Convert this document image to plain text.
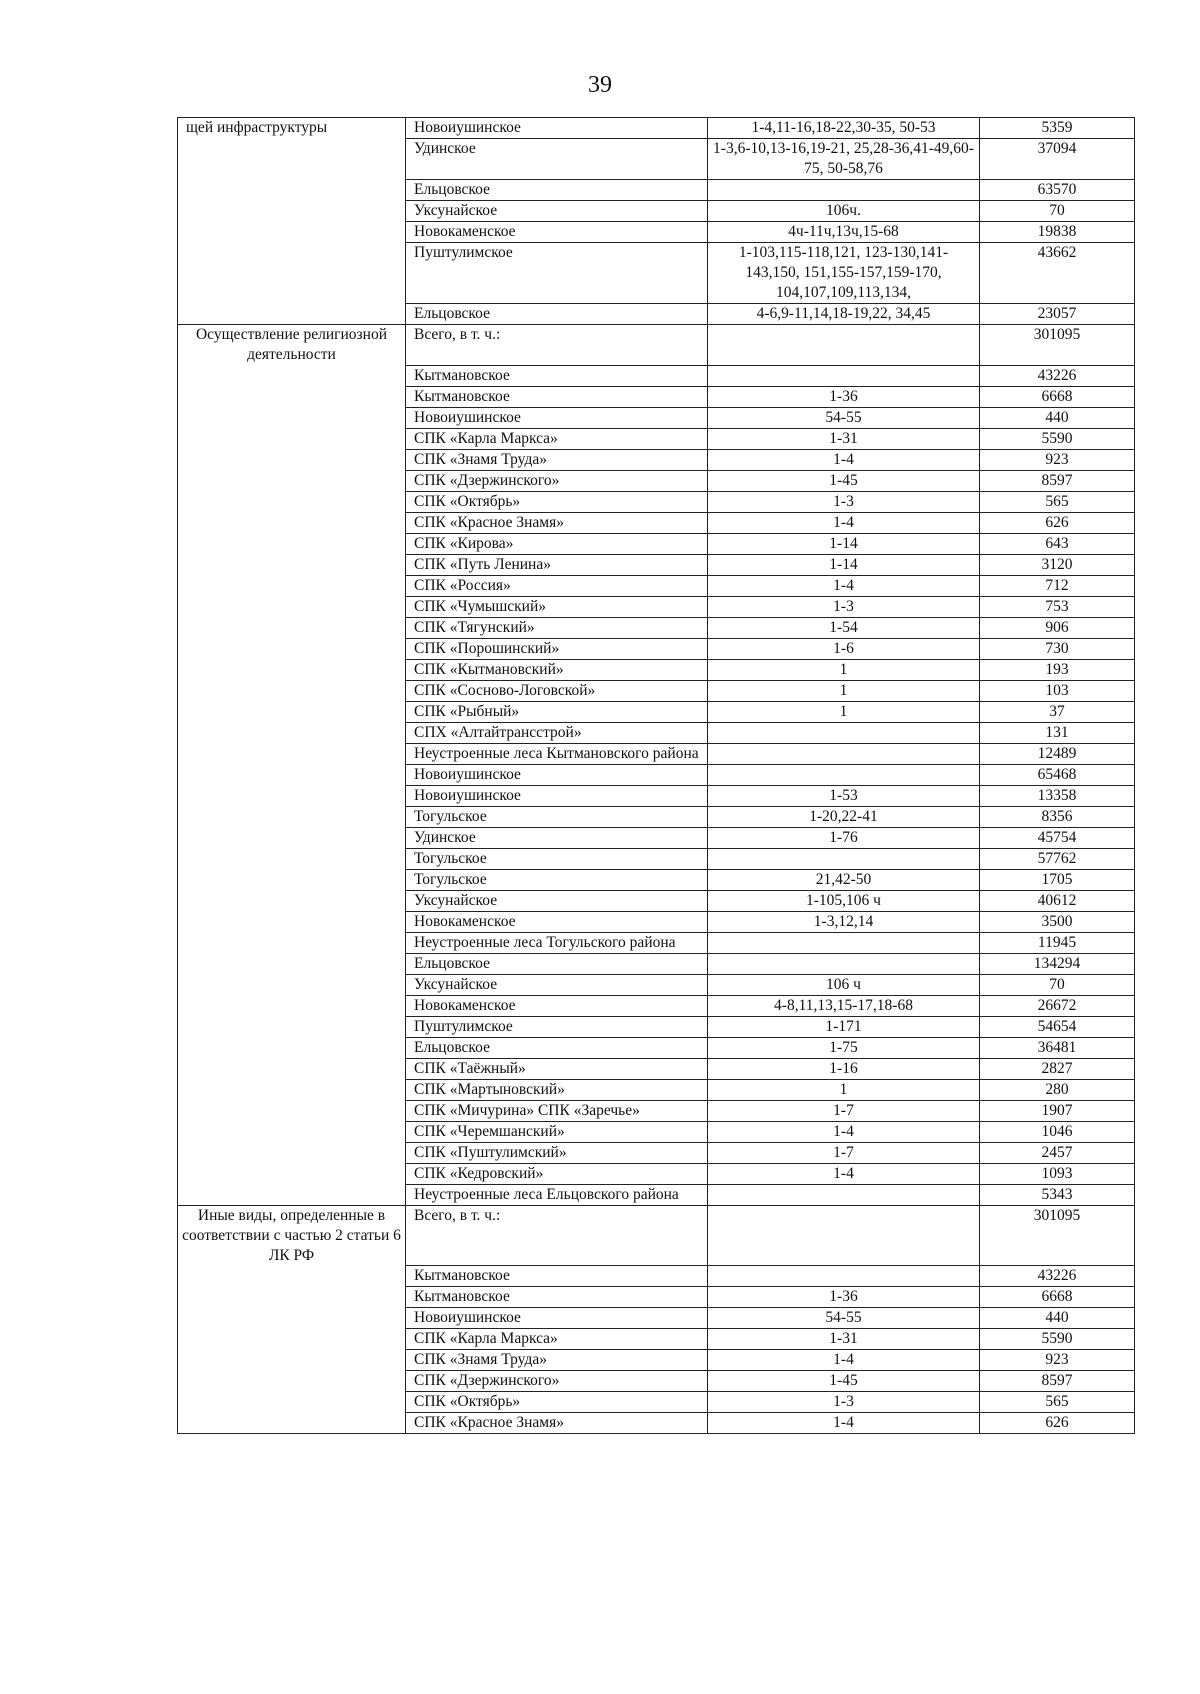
39
щей инфраструктуры	Новоиушинское	1-4,11-16,18-22,30-35, 50-53	5359
	Удинское	1-3,6-10,13-16,19-21, 25,28-36,41-49,60-75, 50-58,76	37094
	Ельцовское		63570
	Уксунайское	106ч.	70
	Новокаменское	4ч-11ч,13ч,15-68	19838
	Пуштулимское	1-103,115-118,121, 123-130,141-143,150, 151,155-157,159-170, 104,107,109,113,134,	43662
	Ельцовское	4-6,9-11,14,18-19,22, 34,45	23057
Осуществление религиозной деятельности	Всего, в т. ч.:		301095
	Кытмановское		43226
	Кытмановское	1-36	6668
	Новоиушинское	54-55	440
	СПК «Карла Маркса»	1-31	5590
	СПК «Знамя Труда»	1-4	923
	СПК «Дзержинского»	1-45	8597
	СПК «Октябрь»	1-3	565
	СПК «Красное Знамя»	1-4	626
	СПК «Кирова»	1-14	643
	СПК «Путь Ленина»	1-14	3120
	СПК «Россия»	1-4	712
	СПК «Чумышский»	1-3	753
	СПК «Тягунский»	1-54	906
	СПК «Порошинский»	1-6	730
	СПК «Кытмановский»	1	193
	СПК «Сосново-Логовской»	1	103
	СПК «Рыбный»	1	37
	СПХ «Алтайтрансстрой»		131
	Неустроенные леса Кытмановского района		12489
	Новоиушинское		65468
	Новоиушинское	1-53	13358
	Тогульское	1-20,22-41	8356
	Удинское	1-76	45754
	Тогульское		57762
	Тогульское	21,42-50	1705
	Уксунайское	1-105,106 ч	40612
	Новокаменское	1-3,12,14	3500
	Неустроенные леса Тогульского района		11945
	Ельцовское		134294
	Уксунайское	106 ч	70
	Новокаменское	4-8,11,13,15-17,18-68	26672
	Пуштулимское	1-171	54654
	Ельцовское	1-75	36481
	СПК «Таёжный»	1-16	2827
	СПК «Мартыновский»	1	280
	СПК «Мичурина» СПК «Заречье»	1-7	1907
	СПК «Черемшанский»	1-4	1046
	СПК «Пуштулимский»	1-7	2457
	СПК «Кедровский»	1-4	1093
	Неустроенные леса Ельцовского района		5343
Иные виды, определенные в соответствии с частью 2 статьи 6 ЛК РФ	Всего, в т. ч.:		301095
	Кытмановское		43226
	Кытмановское	1-36	6668
	Новоиушинское	54-55	440
	СПК «Карла Маркса»	1-31	5590
	СПК «Знамя Труда»	1-4	923
	СПК «Дзержинского»	1-45	8597
	СПК «Октябрь»	1-3	565
	СПК «Красное Знамя»	1-4	626
